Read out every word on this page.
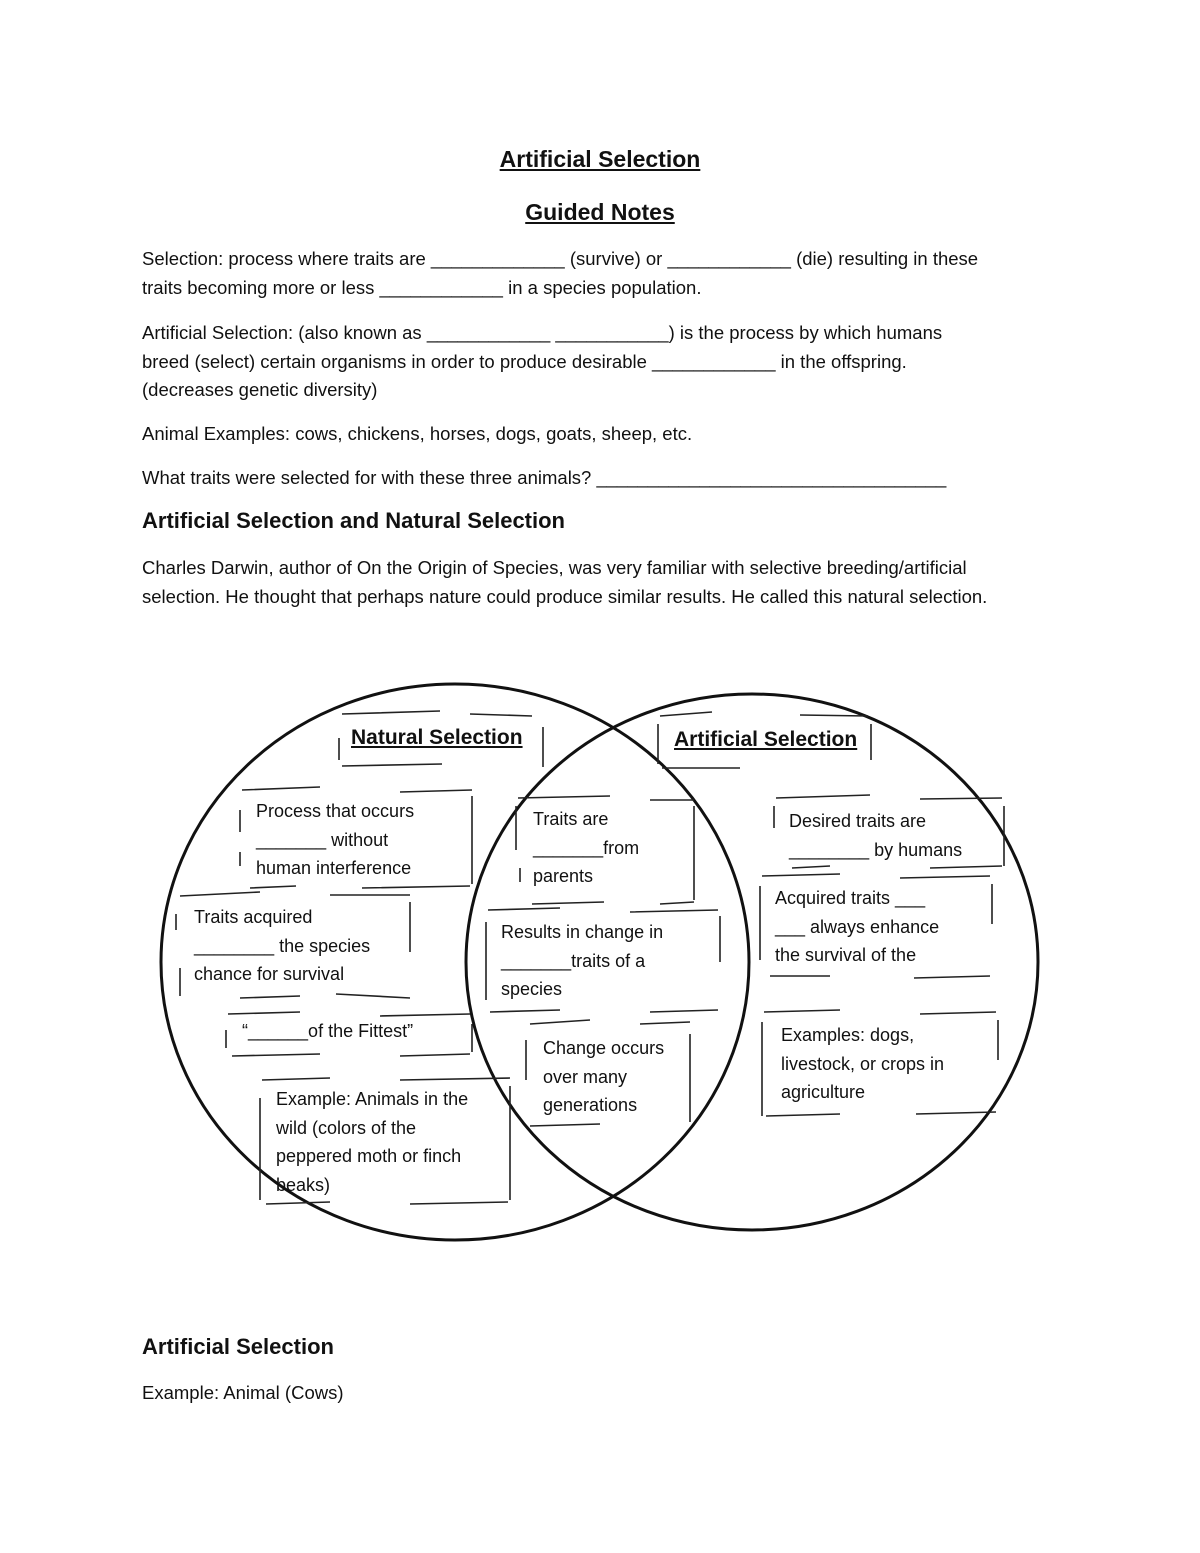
Artificial Selection
Guided Notes
Selection: process where traits are _____________ (survive) or ____________ (die) resulting in these
traits becoming more or less ____________ in a species population.
Artificial Selection: (also known as ____________ ___________) is the process by which humans
breed (select) certain organisms in order to produce desirable ____________ in the offspring.
(decreases genetic diversity)
Animal Examples: cows, chickens, horses, dogs, goats, sheep, etc.
What traits were selected for with these three animals? __________________________________
Artificial Selection and Natural Selection
Charles Darwin, author of On the Origin of Species, was very familiar with selective breeding/artificial
selection. He thought that perhaps nature could produce similar results. He called this natural selection.
Natural Selection	Artificial Selection
Process that occurs
_______ without
human interference
Traits acquired
________ the species
chance for survival
“______of the Fittest”
Example: Animals in the
wild (colors of the
peppered moth or finch
beaks)
Traits are
_______from
parents
Results in change in
_______traits of a
species
Change occurs
over many
generations
Desired traits are
________ by humans
Acquired traits ___
___ always enhance
the survival of the
Examples: dogs,
livestock, or crops in
agriculture
Artificial Selection
Example: Animal (Cows)
